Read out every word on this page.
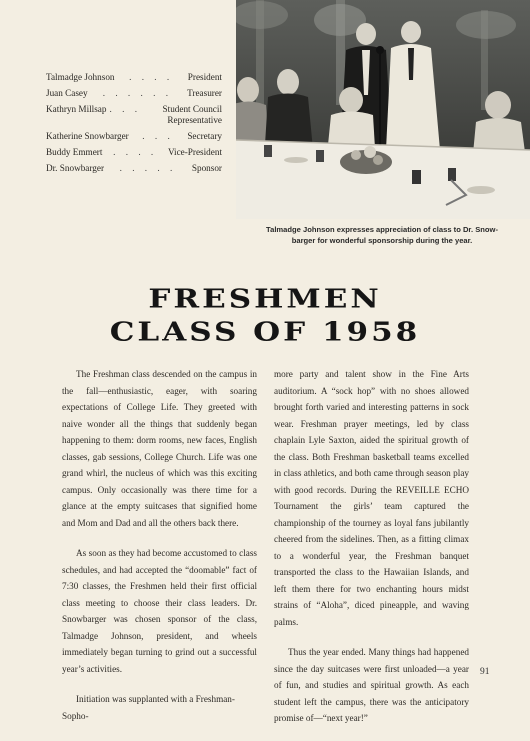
Talmadge Johnson	. . . .	President
Juan Casey	. . . . . .	Treasurer
Kathryn Millsap . . .	Student Council Representative
Katherine Snowbarger	. . .	Secretary
Buddy Emmert	. . . .	Vice-President
Dr. Snowbarger	. . . . .	Sponsor
Talmadge Johnson expresses appreciation of class to Dr. Snow-
barger for wonderful sponsorship during the year.
FRESHMEN
CLASS OF 1958

The Freshman class descended on the campus in the fall—enthusiastic, eager, with soaring expectations of College Life. They greeted with naive wonder all the things that suddenly began happening to them: dorm rooms, new faces, English classes, gab sessions, College Church. Life was one grand whirl, the nucleus of which was this exciting campus. Only occasionally was there time for a glance at the empty suitcases that signified home and Mom and Dad and all the others back there.

As soon as they had become accustomed to class schedules, and had accepted the “doomable” fact of 7:30 classes, the Freshmen held their first official class meeting to choose their class leaders. Dr. Snowbarger was chosen sponsor of the class, Talmadge Johnson, president, and wheels immediately began turning to grind out a successful year’s activities.

Initiation was supplanted with a Freshman-Sopho-

more party and talent show in the Fine Arts auditorium. A “sock hop” with no shoes allowed brought forth varied and interesting patterns in sock wear. Freshman prayer meetings, led by class chaplain Lyle Saxton, aided the spiritual growth of the class. Both Freshman basketball teams excelled in class athletics, and both came through season play with good records. During the REVEILLE ECHO Tournament the girls’ team captured the championship of the tourney as loyal fans jubilantly cheered from the sidelines. Then, as a fitting climax to a wonderful year, the Freshman banquet transported the class to the Hawaiian Islands, and left them there for two enchanting hours midst strains of “Aloha”, diced pineapple, and waving palms.

Thus the year ended. Many things had happened since the day suitcases were first unloaded—a year of fun, and studies and spiritual growth. As each student left the campus, there was the anticipatory promise of—“next year!”

91
